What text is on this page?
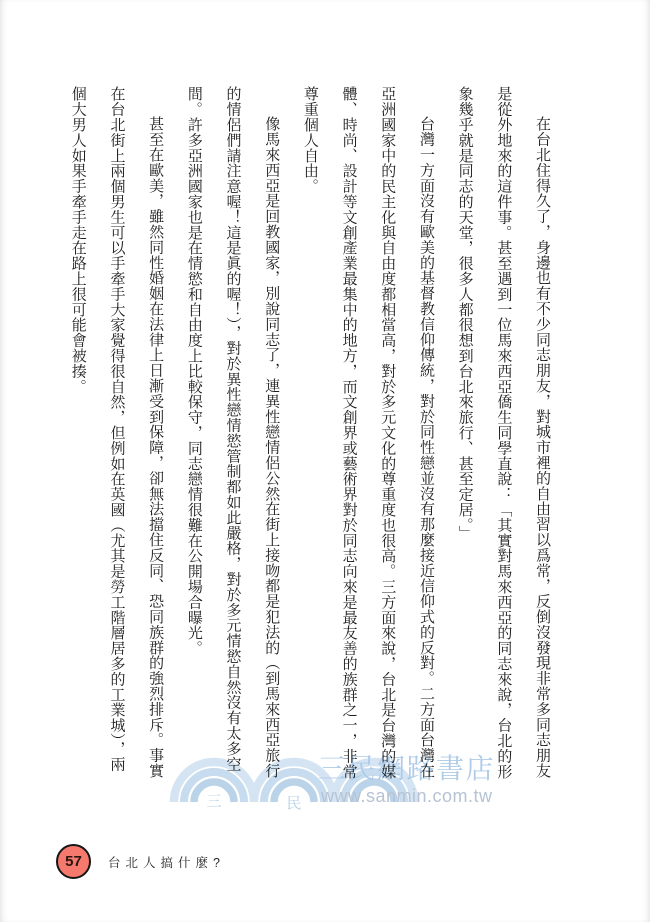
三	民
三民網路書店
www.sanmin.com.tw

在台北住得久了，身邊也有不少同志朋友，對城市裡的自由習以爲常，反倒沒發現非常多同志朋友是從外地來的這件事。甚至遇到一位馬來西亞僑生同學直說：「其實對馬來西亞的同志來說，台北的形象幾乎就是同志的天堂，很多人都很想到台北來旅行、甚至定居。」

台灣一方面沒有歐美的基督教信仰傳統，對於同性戀並沒有那麼接近信仰式的反對。二方面台灣在亞洲國家中的民主化與自由度都相當高，對於多元文化的尊重度也很高。三方面來說，台北是台灣的媒體、時尚、設計等文創產業最集中的地方，而文創界或藝術界對於同志向來是最友善的族群之一，非常尊重個人自由。

像馬來西亞是回教國家，別說同志了，連異性戀情侶公然在街上接吻都是犯法的（到馬來西亞旅行的情侶們請注意喔！這是眞的喔！），對於異性戀情慾管制都如此嚴格，對於多元情慾自然沒有太多空間。許多亞洲國家也是在情慾和自由度上比較保守，同志戀情很難在公開場合曝光。

甚至在歐美，雖然同性婚姻在法律上日漸受到保障，卻無法擋住反同、恐同族群的強烈排斥。事實在台北街上兩個男生可以手牽手大家覺得很自然，但例如在英國（尤其是勞工階層居多的工業城），兩個大男人如果手牽手走在路上很可能會被揍。

57	台北人搞什麼?
